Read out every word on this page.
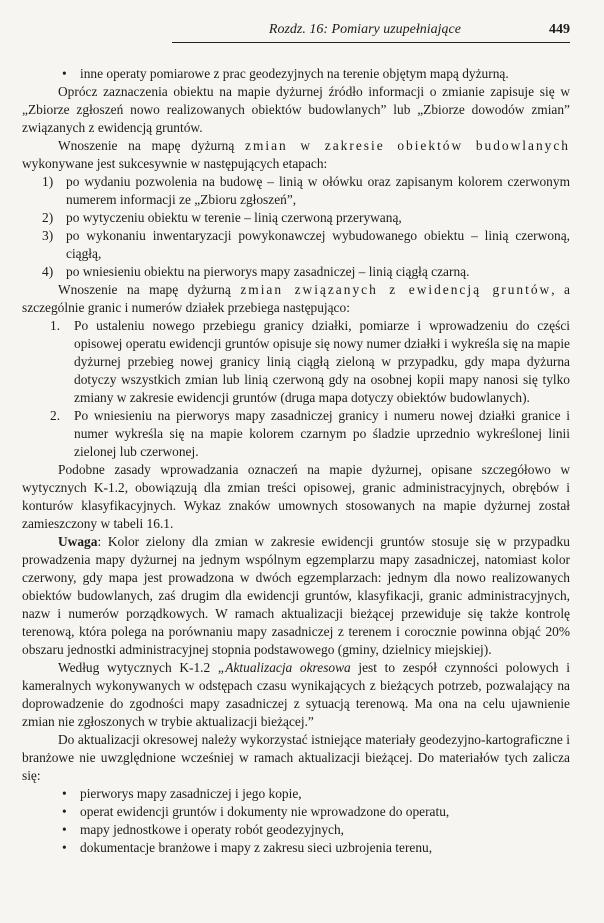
Rozdz. 16: Pomiary uzupełniające	449
• inne operaty pomiarowe z prac geodezyjnych na terenie objętym mapą dyżurną.

Oprócz zaznaczenia obiektu na mapie dyżurnej źródło informacji o zmianie zapisuje się w „Zbiorze zgłoszeń nowo realizowanych obiektów budowlanych” lub „Zbiorze dowodów zmian” związanych z ewidencją gruntów.

Wnoszenie na mapę dyżurną zmian w zakresie obiektów budowlanych wykonywane jest sukcesywnie w następujących etapach:

1) po wydaniu pozwolenia na budowę – linią w ołówku oraz zapisanym kolorem czerwonym numerem informacji ze „Zbioru zgłoszeń”,
2) po wytyczeniu obiektu w terenie – linią czerwoną przerywaną,
3) po wykonaniu inwentaryzacji powykonawczej wybudowanego obiektu – linią czerwoną, ciągłą,
4) po wniesieniu obiektu na pierworys mapy zasadniczej – linią ciągłą czarną.

Wnoszenie na mapę dyżurną zmian związanych z ewidencją gruntów, a szczególnie granic i numerów działek przebiega następująco:

1.	Po ustaleniu nowego przebiegu granicy działki, pomiarze i wprowadzeniu do części opisowej operatu ewidencji gruntów opisuje się nowy numer działki i wykreśla się na mapie dyżurnej przebieg nowej granicy linią ciągłą zieloną w przypadku, gdy mapa dyżurna dotyczy wszystkich zmian lub linią czerwoną gdy na osobnej kopii mapy nanosi się tylko zmiany w zakresie ewidencji gruntów (druga mapa dotyczy obiektów budowlanych).
2.	Po wniesieniu na pierworys mapy zasadniczej granicy i numeru nowej działki granice i numer wykreśla się na mapie kolorem czarnym po śladzie uprzednio wykreślonej linii zielonej lub czerwonej.

Podobne zasady wprowadzania oznaczeń na mapie dyżurnej, opisane szczegółowo w wytycznych K-1.2, obowiązują dla zmian treści opisowej, granic administracyjnych, obrębów i konturów klasyfikacyjnych. Wykaz znaków umownych stosowanych na mapie dyżurnej został zamieszczony w tabeli 16.1.

Uwaga: Kolor zielony dla zmian w zakresie ewidencji gruntów stosuje się w przypadku prowadzenia mapy dyżurnej na jednym wspólnym egzemplarzu mapy zasadniczej, natomiast kolor czerwony, gdy mapa jest prowadzona w dwóch egzemplarzach: jednym dla nowo realizowanych obiektów budowlanych, zaś drugim dla ewidencji gruntów, klasyfikacji, granic administracyjnych, nazw i numerów porządkowych. W ramach aktualizacji bieżącej przewiduje się także kontrolę terenową, która polega na porównaniu mapy zasadniczej z terenem i corocznie powinna objąć 20% obszaru jednostki administracyjnej stopnia podstawowego (gminy, dzielnicy miejskiej).

Według wytycznych K-1.2 „Aktualizacja okresowa jest to zespół czynności polowych i kameralnych wykonywanych w odstępach czasu wynikających z bieżących potrzeb, pozwalający na doprowadzenie do zgodności mapy zasadniczej z sytuacją terenową. Ma ona na celu ujawnienie zmian nie zgłoszonych w trybie aktualizacji bieżącej.”

Do aktualizacji okresowej należy wykorzystać istniejące materiały geodezyjno-kartograficzne i branżowe nie uwzględnione wcześniej w ramach aktualizacji bieżącej. Do materiałów tych zalicza się:

• pierworys mapy zasadniczej i jego kopie,
• operat ewidencji gruntów i dokumenty nie wprowadzone do operatu,
• mapy jednostkowe i operaty robót geodezyjnych,
• dokumentacje branżowe i mapy z zakresu sieci uzbrojenia terenu,
